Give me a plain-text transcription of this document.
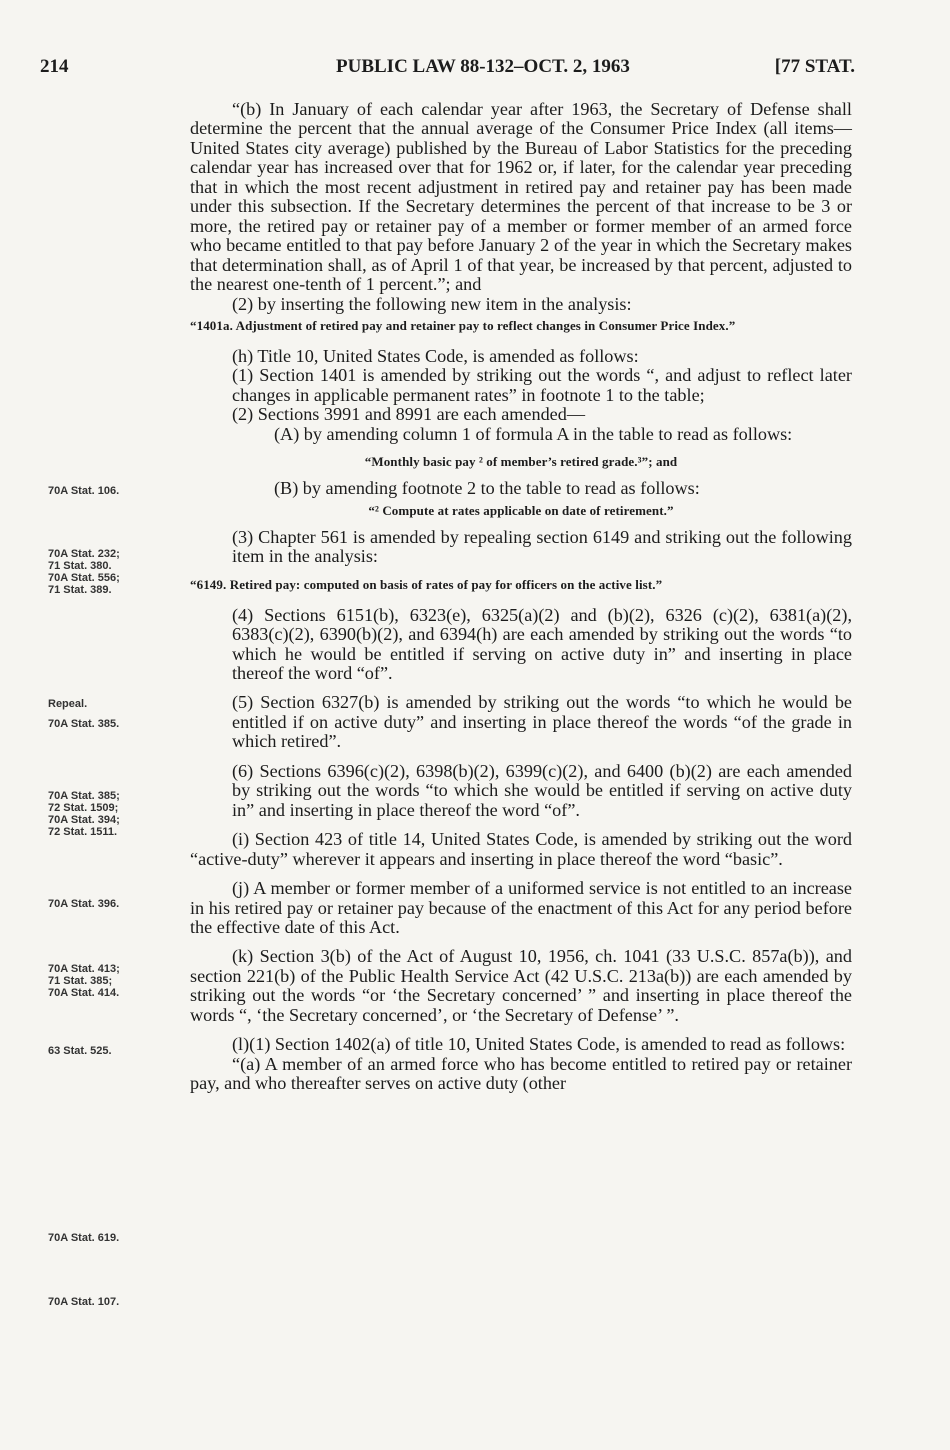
214	PUBLIC LAW 88-132–OCT. 2, 1963	[77 STAT.

“(b) In January of each calendar year after 1963, the Secretary of Defense shall determine the percent that the annual average of the Consumer Price Index (all items—United States city average) published by the Bureau of Labor Statistics for the preceding calendar year has increased over that for 1962 or, if later, for the calendar year preceding that in which the most recent adjustment in retired pay and retainer pay has been made under this subsection. If the Secretary determines the percent of that increase to be 3 or more, the retired pay or retainer pay of a member or former member of an armed force who became entitled to that pay before January 2 of the year in which the Secretary makes that determination shall, as of April 1 of that year, be increased by that percent, adjusted to the nearest one-tenth of 1 percent.”; and

(2) by inserting the following new item in the analysis:

“1401a. Adjustment of retired pay and retainer pay to reflect changes in Consumer Price Index.”

(h) Title 10, United States Code, is amended as follows:

(1) Section 1401 is amended by striking out the words “, and adjust to reflect later changes in applicable permanent rates” in footnote 1 to the table;

(2) Sections 3991 and 8991 are each amended—

(A) by amending column 1 of formula A in the table to read as follows:

“Monthly basic pay ² of member’s retired grade.³”; and

(B) by amending footnote 2 to the table to read as follows:

“² Compute at rates applicable on date of retirement.”

(3) Chapter 561 is amended by repealing section 6149 and striking out the following item in the analysis:

“6149. Retired pay: computed on basis of rates of pay for officers on the active list.”

(4) Sections 6151(b), 6323(e), 6325(a)(2) and (b)(2), 6326 (c)(2), 6381(a)(2), 6383(c)(2), 6390(b)(2), and 6394(h) are each amended by striking out the words “to which he would be entitled if serving on active duty in” and inserting in place thereof the word “of”.

(5) Section 6327(b) is amended by striking out the words “to which he would be entitled if on active duty” and inserting in place thereof the words “of the grade in which retired”.

(6) Sections 6396(c)(2), 6398(b)(2), 6399(c)(2), and 6400 (b)(2) are each amended by striking out the words “to which she would be entitled if serving on active duty in” and inserting in place thereof the word “of”.

(i) Section 423 of title 14, United States Code, is amended by striking out the word “active-duty” wherever it appears and inserting in place thereof the word “basic”.

(j) A member or former member of a uniformed service is not entitled to an increase in his retired pay or retainer pay because of the enactment of this Act for any period before the effective date of this Act.

(k) Section 3(b) of the Act of August 10, 1956, ch. 1041 (33 U.S.C. 857a(b)), and section 221(b) of the Public Health Service Act (42 U.S.C. 213a(b)) are each amended by striking out the words “or ‘the Secretary concerned’ ” and inserting in place thereof the words “, ‘the Secretary concerned’, or ‘the Secretary of Defense’ ”.

(l)(1) Section 1402(a) of title 10, United States Code, is amended to read as follows:

“(a) A member of an armed force who has become entitled to retired pay or retainer pay, and who thereafter serves on active duty (other

70A Stat. 106.
70A Stat. 232;
71 Stat. 380.
70A Stat. 556;
71 Stat. 389.
Repeal.
70A Stat. 385.
70A Stat. 385;
72 Stat. 1509;
70A Stat. 394;
72 Stat. 1511.
70A Stat. 396.
70A Stat. 413;
71 Stat. 385;
70A Stat. 414.
63 Stat. 525.
70A Stat. 619.
70A Stat. 107.
